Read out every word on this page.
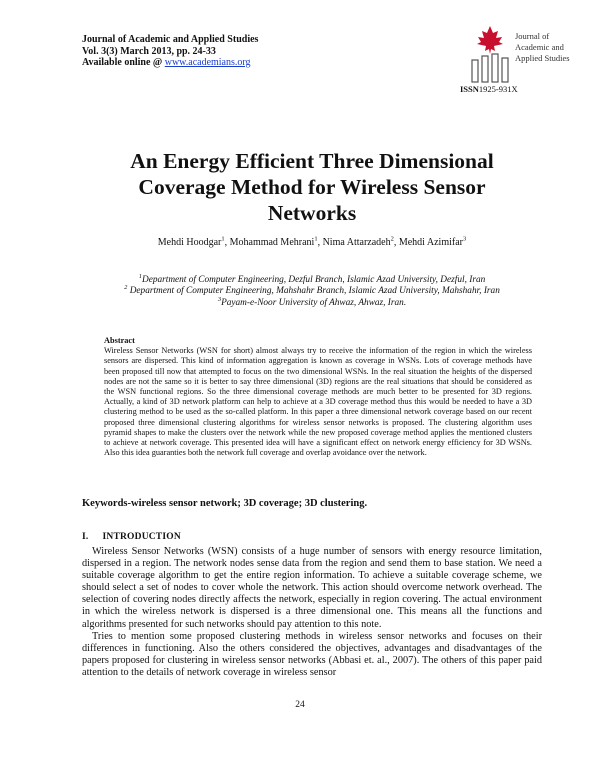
Journal of Academic and Applied Studies
Vol. 3(3) March 2013, pp. 24-33
Available online @ www.academians.org
Journal of
Academic and
Applied Studies
ISSN1925-931X
An Energy Efficient Three Dimensional
Coverage Method for Wireless Sensor
Networks
Mehdi Hoodgar$^1$, Mohammad Mehrani$^1$, Nima Attarzadeh$^2$, Mehdi Azimifar$^3$
$^1$Department of Computer Engineering, Dezful Branch, Islamic Azad University, Dezful, Iran
$^2$ Department of Computer Engineering, Mahshahr Branch, Islamic Azad University, Mahshahr, Iran
$^3$Payam-e-Noor University of Ahwaz, Ahwaz, Iran.
Abstract
Wireless Sensor Networks (WSN for short) almost always try to receive the information of the region in which the wireless sensors are dispersed. This kind of information aggregation is known as coverage in WSNs. Lots of coverage methods have been proposed till now that attempted to focus on the two dimensional WSNs. In the real situation the heights of the dispersed nodes are not the same so it is better to say three dimensional (3D) regions are the real situations that should be considered as the WSN functional regions. So the three dimensional coverage methods are much better to be presented for 3D regions. Actually, a kind of 3D network platform can help to achieve at a 3D coverage method thus this would be needed to have a 3D clustering method to be used as the so-called platform. In this paper a three dimensional network coverage based on our recent proposed three dimensional clustering algorithms for wireless sensor networks is proposed. The clustering algorithm uses pyramid shapes to make the clusters over the network while the new proposed coverage method applies the mentioned clusters to achieve at network coverage. This presented idea will have a significant effect on network energy efficiency for 3D WSNs. Also this idea guaranties both the network full coverage and overlap avoidance over the network.
Keywords-wireless sensor network; 3D coverage; 3D clustering.
I. INTRODUCTION

Wireless Sensor Networks (WSN) consists of a huge number of sensors with energy resource limitation, dispersed in a region. The network nodes sense data from the region and send them to base station. We need a suitable coverage algorithm to get the entire region information. To achieve a suitable coverage scheme, we should select a set of nodes to cover whole the network. This action should overcome network overhead. The selection of covering nodes directly affects the network, especially in region covering. The actual environment in which the wireless network is dispersed is a three dimensional one. This means all the functions and algorithms presented for such networks should pay attention to this note.

Tries to mention some proposed clustering methods in wireless sensor networks and focuses on their differences in functioning. Also the others considered the objectives, advantages and disadvantages of the papers proposed for clustering in wireless sensor networks (Abbasi et. al., 2007). The others of this paper paid attention to the details of network coverage in wireless sensor

24
